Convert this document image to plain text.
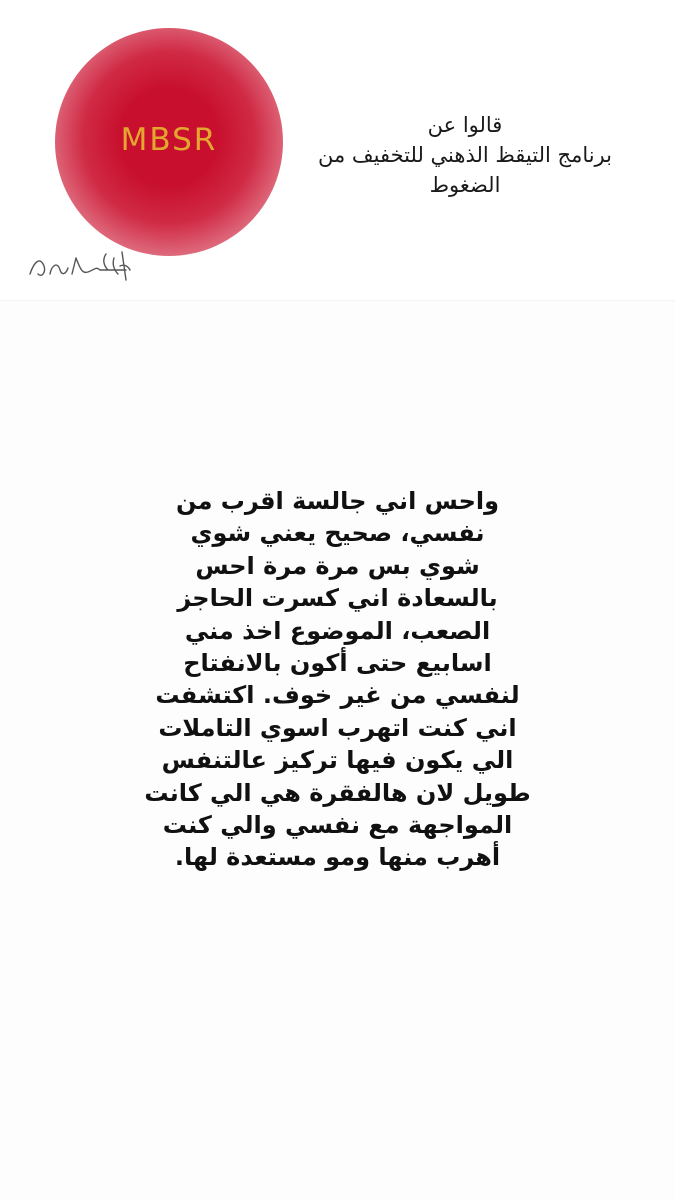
MBSR	قالوا عن
برنامج التيقظ الذهني للتخفيف من
الضغوط
واحس اني جالسة اقرب من
نفسي، صحيح يعني شوي
شوي بس مرة مرة احس
بالسعادة اني كسرت الحاجز
الصعب، الموضوع اخذ مني
اسابيع حتى أكون بالانفتاح
لنفسي من غير خوف. اكتشفت
اني كنت اتهرب اسوي التاملات
الي يكون فيها تركيز عالتنفس
طويل لان هالفقرة هي الي كانت
المواجهة مع نفسي والي كنت
أهرب منها ومو مستعدة لها.
